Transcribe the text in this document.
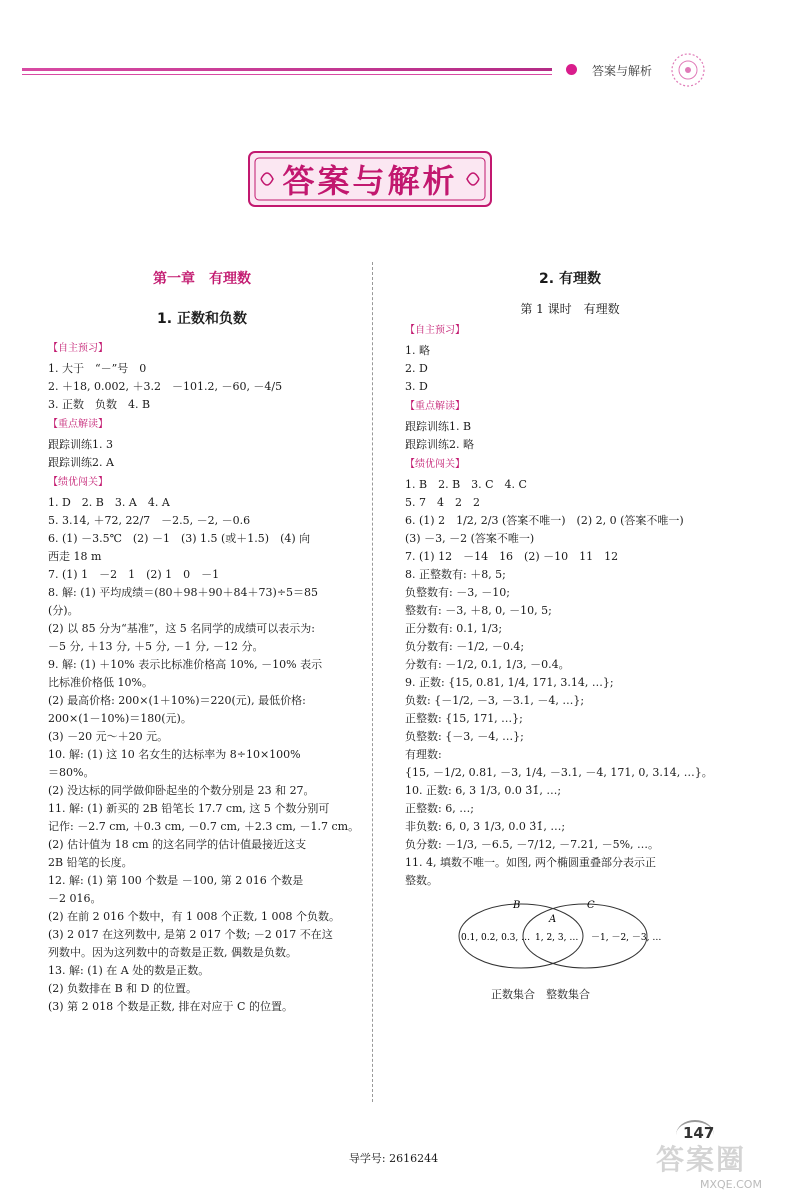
答案与解析
答案与解析
第一章　有理数
1. 正数和负数
【自主预习】
1. 大于　“－”号　0
2. ＋18, 0.002, ＋3.2　－101.2, －60, －4/5
3. 正数　负数　4. B
【重点解读】
跟踪训练1. 3
跟踪训练2. A
【绩优闯关】
1. D　2. B　3. A　4. A
5. 3.14, ＋72, 22/7　－2.5, －2, －0.6
6. (1) －3.5℃　(2) －1　(3) 1.5 (或＋1.5)　(4) 向
西走 18 m
7. (1) 1　－2　1　(2) 1　0　－1
8. 解: (1) 平均成绩＝(80＋98＋90＋84＋73)÷5＝85
(分)。
(2) 以 85 分为“基准”，这 5 名同学的成绩可以表示为:
－5 分, ＋13 分, ＋5 分, －1 分, －12 分。
9. 解: (1) ＋10% 表示比标准价格高 10%, －10% 表示
比标准价格低 10%。
(2) 最高价格: 200×(1＋10%)＝220(元), 最低价格:
200×(1－10%)＝180(元)。
(3) －20 元～＋20 元。
10. 解: (1) 这 10 名女生的达标率为 8÷10×100%
＝80%。
(2) 没达标的同学做仰卧起坐的个数分别是 23 和 27。
11. 解: (1) 新买的 2B 铅笔长 17.7 cm, 这 5 个数分别可
记作: －2.7 cm, ＋0.3 cm, －0.7 cm, ＋2.3 cm, －1.7 cm。
(2) 估计值为 18 cm 的这名同学的估计值最接近这支
2B 铅笔的长度。
12. 解: (1) 第 100 个数是 －100, 第 2 016 个数是
－2 016。
(2) 在前 2 016 个数中，有 1 008 个正数, 1 008 个负数。
(3) 2 017 在这列数中, 是第 2 017 个数; －2 017 不在这
列数中。因为这列数中的奇数是正数, 偶数是负数。
13. 解: (1) 在 A 处的数是正数。
(2) 负数排在 B 和 D 的位置。
(3) 第 2 018 个数是正数, 排在对应于 C 的位置。
2. 有理数
第 1 课时　有理数
【自主预习】
1. 略
2. D
3. D
【重点解读】
跟踪训练1. B
跟踪训练2. 略
【绩优闯关】
1. B　2. B　3. C　4. C
5. 7　4　2　2
6. (1) 2　1/2, 2/3 (答案不唯一)　(2) 2, 0 (答案不唯一)
(3) －3, －2 (答案不唯一)
7. (1) 12　－14　16　(2) －10　11　12
8. 正整数有: ＋8, 5;
负整数有: －3, －10;
整数有: －3, ＋8, 0, －10, 5;
正分数有: 0.1, 1/3;
负分数有: －1/2, －0.4;
分数有: －1/2, 0.1, 1/3, －0.4。
9. 正数: {15, 0.81, 1/4, 171, 3.14, …};
负数: {－1/2, －3, －3.1, －4, …};
正整数: {15, 171, …};
负整数: {－3, －4, …};
有理数:
{15, －1/2, 0.81, －3, 1/4, －3.1, －4, 171, 0, 3.14, …}。
10. 正数: 6, 3 1/3, 0.0 3̇1̇, …;
正整数: 6, …;
非负数: 6, 0, 3 1/3, 0.0 3̇1̇, …;
负分数: －1/3, －6.5, －7/12, －7.21, －5%, …。
11. 4, 填数不唯一。如图, 两个椭圆重叠部分表示正
整数。
B
A
C
0.1, 0.2, 0.3, … 1, 2, 3, … －1, －2, －3, …
正数集合　整数集合
导学号: 2616244
147
答案圈
MXQE.COM
